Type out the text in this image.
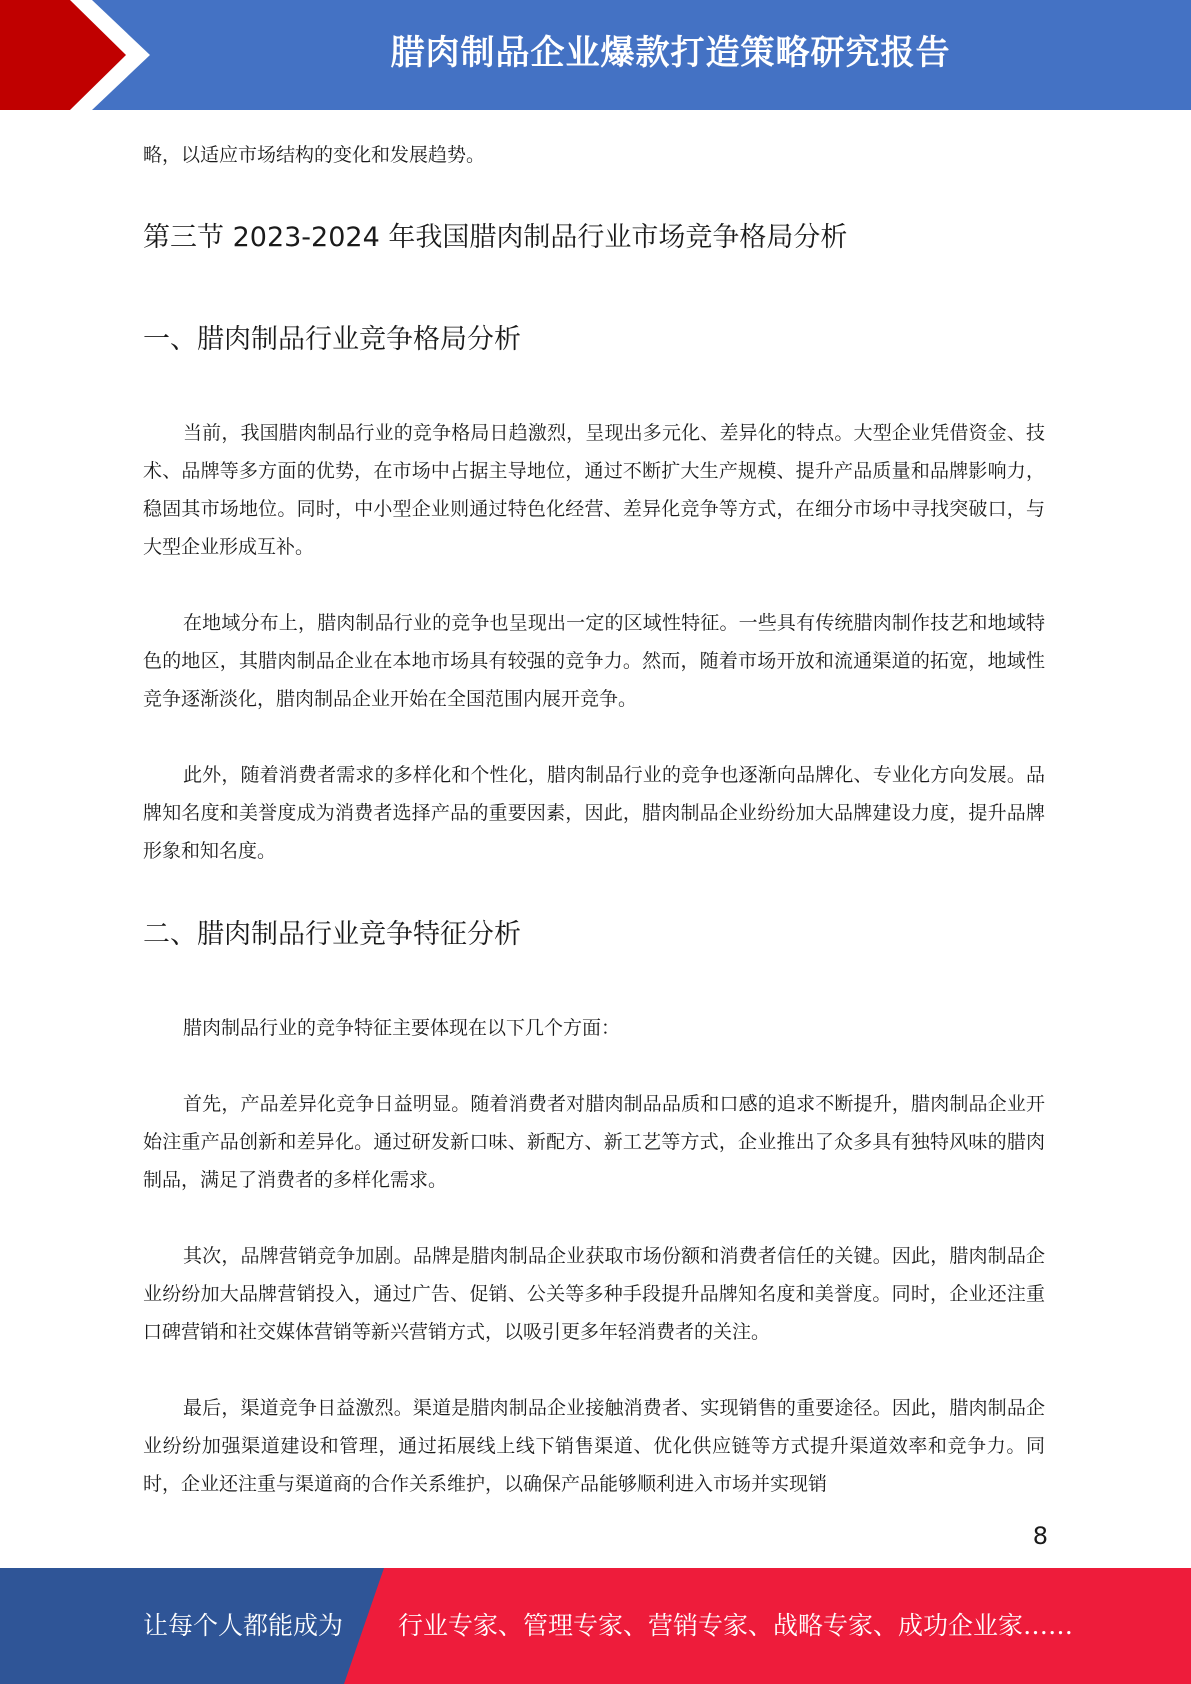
腊肉制品企业爆款打造策略研究报告
略，以适应市场结构的变化和发展趋势。
第三节 2023-2024 年我国腊肉制品行业市场竞争格局分析
一、腊肉制品行业竞争格局分析

当前，我国腊肉制品行业的竞争格局日趋激烈，呈现出多元化、差异化的特点。大型企业凭借资金、技术、品牌等多方面的优势，在市场中占据主导地位，通过不断扩大生产规模、提升产品质量和品牌影响力，稳固其市场地位。同时，中小型企业则通过特色化经营、差异化竞争等方式，在细分市场中寻找突破口，与大型企业形成互补。

在地域分布上，腊肉制品行业的竞争也呈现出一定的区域性特征。一些具有传统腊肉制作技艺和地域特色的地区，其腊肉制品企业在本地市场具有较强的竞争力。然而，随着市场开放和流通渠道的拓宽，地域性竞争逐渐淡化，腊肉制品企业开始在全国范围内展开竞争。

此外，随着消费者需求的多样化和个性化，腊肉制品行业的竞争也逐渐向品牌化、专业化方向发展。品牌知名度和美誉度成为消费者选择产品的重要因素，因此，腊肉制品企业纷纷加大品牌建设力度，提升品牌形象和知名度。

二、腊肉制品行业竞争特征分析

腊肉制品行业的竞争特征主要体现在以下几个方面：

首先，产品差异化竞争日益明显。随着消费者对腊肉制品品质和口感的追求不断提升，腊肉制品企业开始注重产品创新和差异化。通过研发新口味、新配方、新工艺等方式，企业推出了众多具有独特风味的腊肉制品，满足了消费者的多样化需求。

其次，品牌营销竞争加剧。品牌是腊肉制品企业获取市场份额和消费者信任的关键。因此，腊肉制品企业纷纷加大品牌营销投入，通过广告、促销、公关等多种手段提升品牌知名度和美誉度。同时，企业还注重口碑营销和社交媒体营销等新兴营销方式，以吸引更多年轻消费者的关注。

最后，渠道竞争日益激烈。渠道是腊肉制品企业接触消费者、实现销售的重要途径。因此，腊肉制品企业纷纷加强渠道建设和管理，通过拓展线上线下销售渠道、优化供应链等方式提升渠道效率和竞争力。同时，企业还注重与渠道商的合作关系维护，以确保产品能够顺利进入市场并实现销

8
让每个人都能成为 行业专家、管理专家、营销专家、战略专家、成功企业家……
